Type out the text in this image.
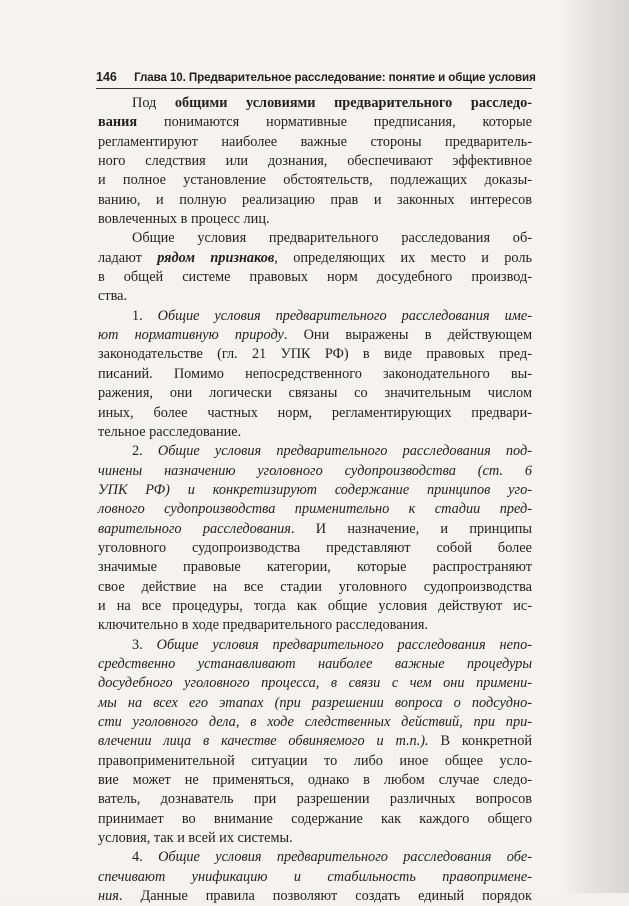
146 Глава 10. Предварительное расследование: понятие и общие условия
Под общими условиями предварительного расследо-
вания понимаются нормативные предписания, которые
регламентируют наиболее важные стороны предваритель-
ного следствия или дознания, обеспечивают эффективное
и полное установление обстоятельств, подлежащих доказы-
ванию, и полную реализацию прав и законных интересов
вовлеченных в процесс лиц.
Общие условия предварительного расследования об-
ладают рядом признаков, определяющих их место и роль
в общей системе правовых норм досудебного производ-
ства.
1. Общие условия предварительного расследования име-
ют нормативную природу. Они выражены в действующем
законодательстве (гл. 21 УПК РФ) в виде правовых пред-
писаний. Помимо непосредственного законодательного вы-
ражения, они логически связаны со значительным числом
иных, более частных норм, регламентирующих предвари-
тельное расследование.
2. Общие условия предварительного расследования под-
чинены назначению уголовного судопроизводства (ст. 6
УПК РФ) и конкретизируют содержание принципов уго-
ловного судопроизводства применительно к стадии пред-
варительного расследования. И назначение, и принципы
уголовного судопроизводства представляют собой более
значимые правовые категории, которые распространяют
свое действие на все стадии уголовного судопроизводства
и на все процедуры, тогда как общие условия действуют ис-
ключительно в ходе предварительного расследования.
3. Общие условия предварительного расследования непо-
средственно устанавливают наиболее важные процедуры
досудебного уголовного процесса, в связи с чем они примени-
мы на всех его этапах (при разрешении вопроса о подсудно-
сти уголовного дела, в ходе следственных действий, при при-
влечении лица в качестве обвиняемого и т.п.). В конкретной
правоприменительной ситуации то либо иное общее усло-
вие может не применяться, однако в любом случае следо-
ватель, дознаватель при разрешении различных вопросов
принимает во внимание содержание как каждого общего
условия, так и всей их системы.
4. Общие условия предварительного расследования обе-
спечивают унификацию и стабильность правопримене-
ния. Данные правила позволяют создать единый порядок
